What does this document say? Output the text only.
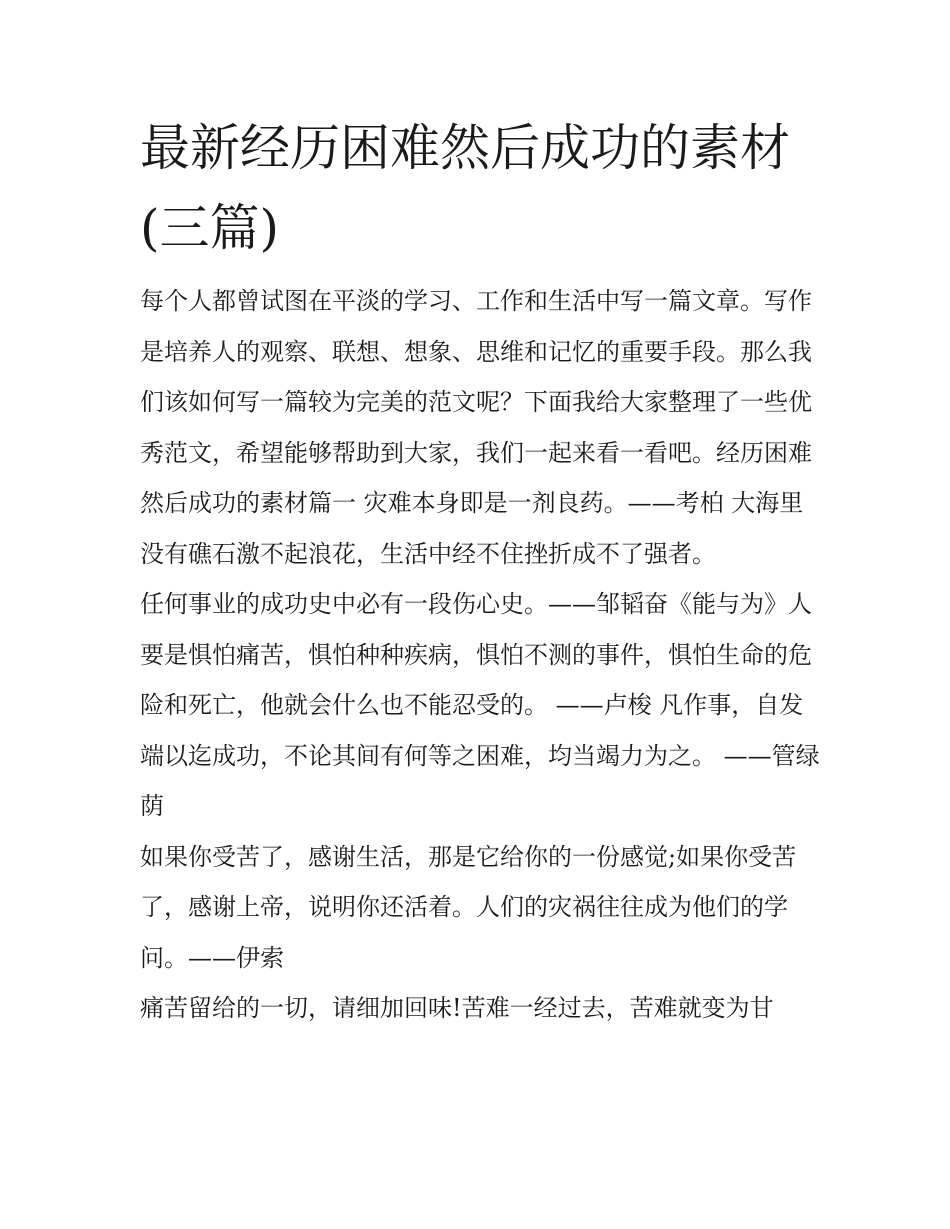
最新经历困难然后成功的素材(三篇)

每个人都曾试图在平淡的学习、工作和生活中写一篇文章。写作是培养人的观察、联想、想象、思维和记忆的重要手段。那么我们该如何写一篇较为完美的范文呢？下面我给大家整理了一些优秀范文，希望能够帮助到大家，我们一起来看一看吧。经历困难然后成功的素材篇一 灾难本身即是一剂良药。——考柏 大海里没有礁石激不起浪花，生活中经不住挫折成不了强者。

任何事业的成功史中必有一段伤心史。——邹韬奋《能与为》人要是惧怕痛苦，惧怕种种疾病，惧怕不测的事件，惧怕生命的危险和死亡，他就会什么也不能忍受的。 ——卢梭 凡作事，自发端以迄成功，不论其间有何等之困难，均当竭力为之。 ——管绿荫

如果你受苦了，感谢生活，那是它给你的一份感觉;如果你受苦了，感谢上帝，说明你还活着。人们的灾祸往往成为他们的学问。——伊索

痛苦留给的一切，请细加回味!苦难一经过去，苦难就变为甘
